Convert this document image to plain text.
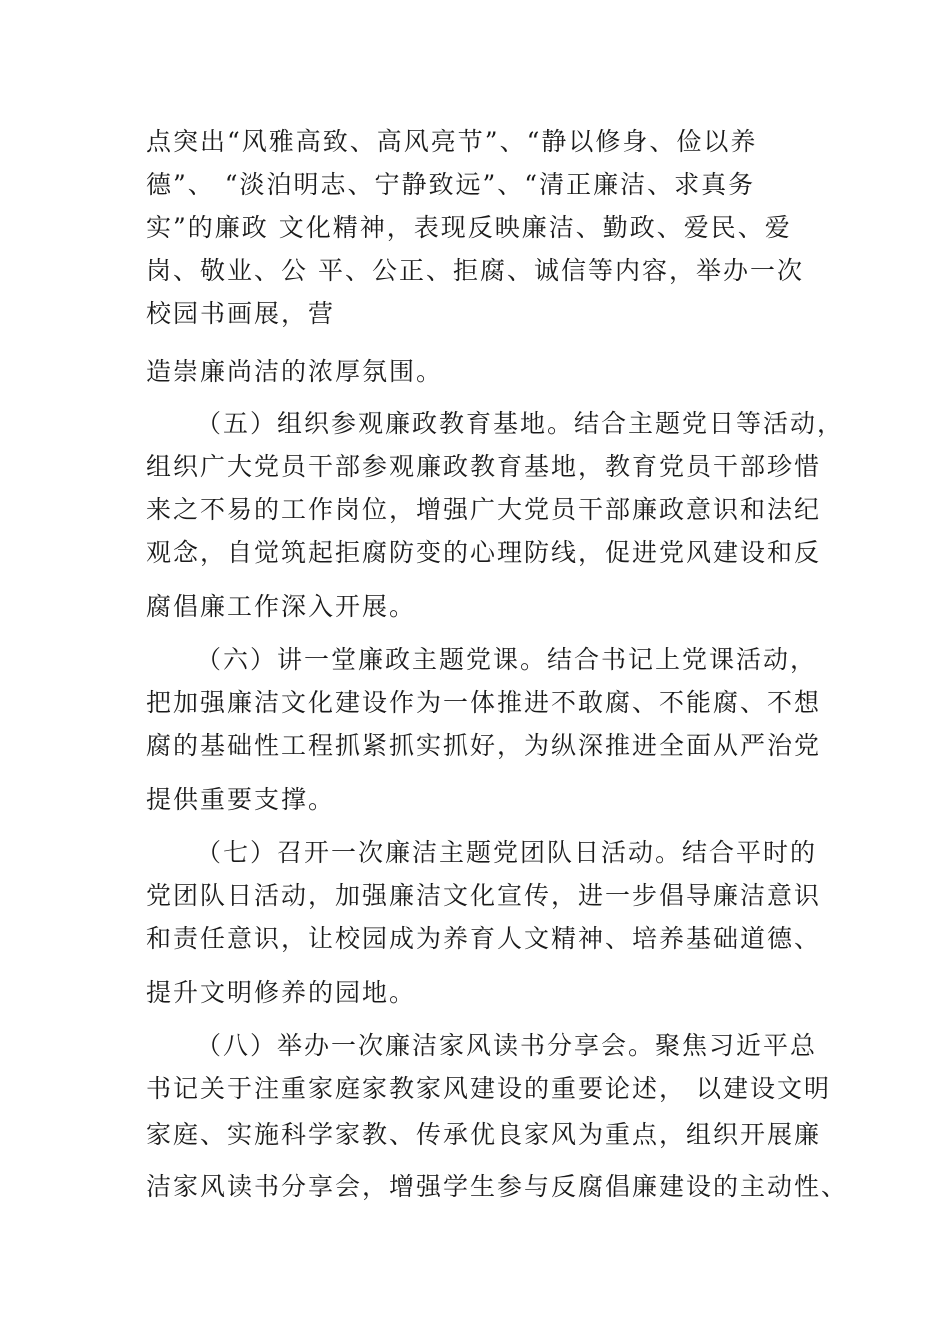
点突出“风雅高致、高风亮节”、“静以修身、俭以养
德”、 “淡泊明志、宁静致远”、“清正廉洁、求真务
实”的廉政 文化精神，表现反映廉洁、勤政、爱民、爱
岗、敬业、公 平、公正、拒腐、诚信等内容，举办一次
校园书画展，营
造崇廉尚洁的浓厚氛围。
（五）组织参观廉政教育基地。结合主题党日等活动，
组织广大党员干部参观廉政教育基地，教育党员干部珍惜
来之不易的工作岗位，增强广大党员干部廉政意识和法纪
观念，自觉筑起拒腐防变的心理防线，促进党风建设和反
腐倡廉工作深入开展。
（六）讲一堂廉政主题党课。结合书记上党课活动，
把加强廉洁文化建设作为一体推进不敢腐、不能腐、不想
腐的基础性工程抓紧抓实抓好，为纵深推进全面从严治党
提供重要支撑。
（七）召开一次廉洁主题党团队日活动。结合平时的
党团队日活动，加强廉洁文化宣传，进一步倡导廉洁意识
和责任意识，让校园成为养育人文精神、培养基础道德、
提升文明修养的园地。
（八）举办一次廉洁家风读书分享会。聚焦习近平总
书记关于注重家庭家教家风建设的重要论述， 以建设文明
家庭、实施科学家教、传承优良家风为重点，组织开展廉
洁家风读书分享会，增强学生参与反腐倡廉建设的主动性、
